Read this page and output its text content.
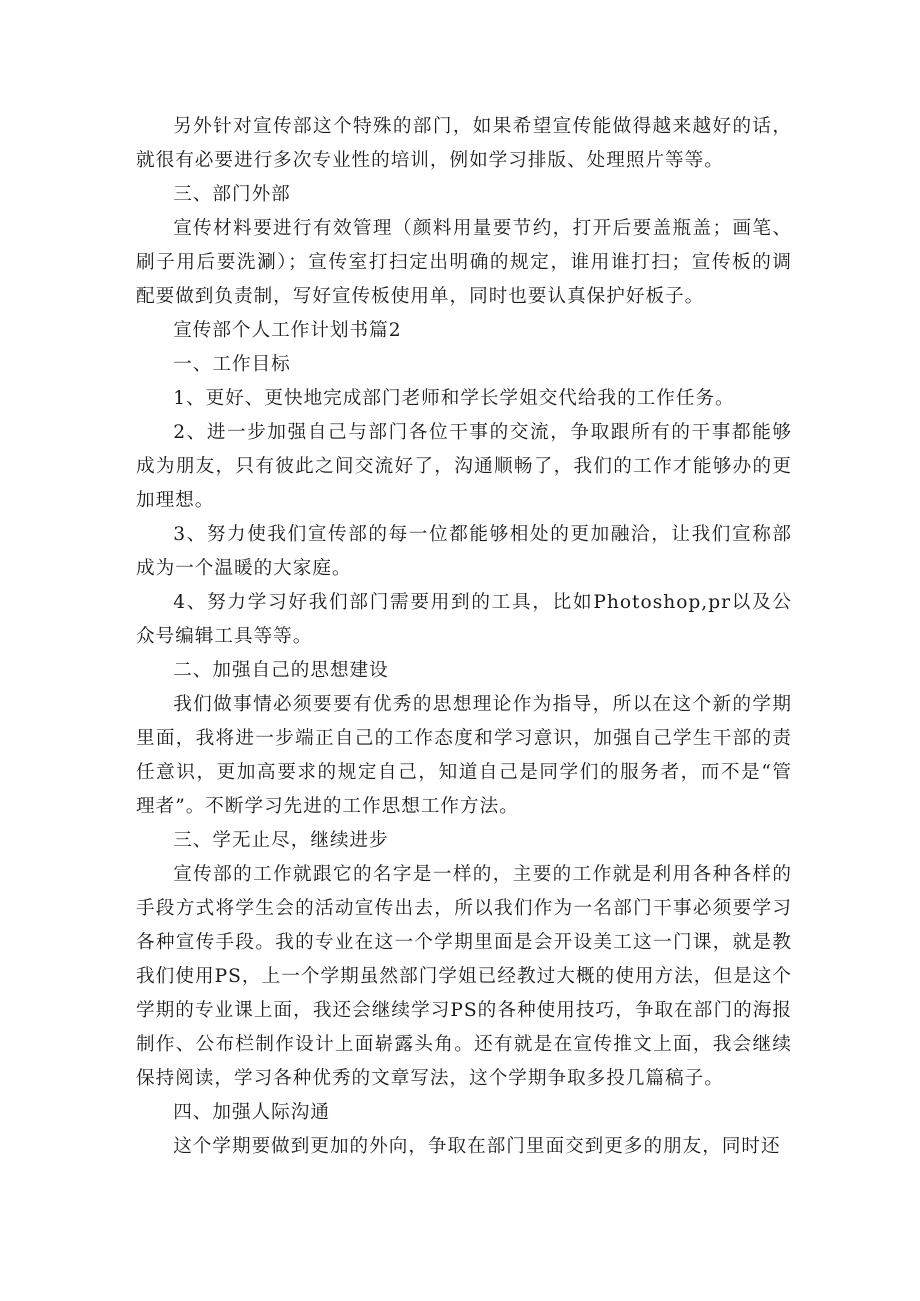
另外针对宣传部这个特殊的部门，如果希望宣传能做得越来越好的话，就很有必要进行多次专业性的培训，例如学习排版、处理照片等等。

三、部门外部

宣传材料要进行有效管理（颜料用量要节约，打开后要盖瓶盖；画笔、刷子用后要洗涮）；宣传室打扫定出明确的规定，谁用谁打扫；宣传板的调配要做到负责制，写好宣传板使用单，同时也要认真保护好板子。

宣传部个人工作计划书篇2

一、工作目标

1、更好、更快地完成部门老师和学长学姐交代给我的工作任务。

2、进一步加强自己与部门各位干事的交流，争取跟所有的干事都能够成为朋友，只有彼此之间交流好了，沟通顺畅了，我们的工作才能够办的更加理想。

3、努力使我们宣传部的每一位都能够相处的更加融洽，让我们宣称部成为一个温暖的大家庭。

4、努力学习好我们部门需要用到的工具，比如Photoshop,pr以及公众号编辑工具等等。

二、加强自己的思想建设

我们做事情必须要要有优秀的思想理论作为指导，所以在这个新的学期里面，我将进一步端正自己的工作态度和学习意识，加强自己学生干部的责任意识，更加高要求的规定自己，知道自己是同学们的服务者，而不是“管理者”。不断学习先进的工作思想工作方法。

三、学无止尽，继续进步

宣传部的工作就跟它的名字是一样的，主要的工作就是利用各种各样的手段方式将学生会的活动宣传出去，所以我们作为一名部门干事必须要学习各种宣传手段。我的专业在这一个学期里面是会开设美工这一门课，就是教我们使用PS，上一个学期虽然部门学姐已经教过大概的使用方法，但是这个学期的专业课上面，我还会继续学习PS的各种使用技巧，争取在部门的海报制作、公布栏制作设计上面崭露头角。还有就是在宣传推文上面，我会继续保持阅读，学习各种优秀的文章写法，这个学期争取多投几篇稿子。

四、加强人际沟通

这个学期要做到更加的外向，争取在部门里面交到更多的朋友，同时还
